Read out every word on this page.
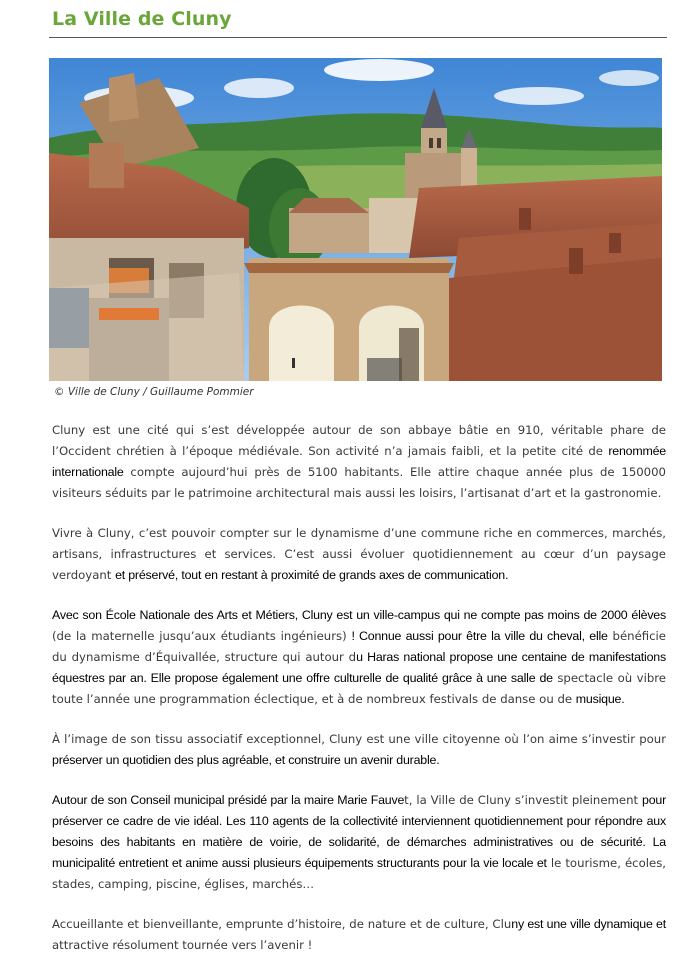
La Ville de Cluny
© Ville de Cluny / Guillaume Pommier

Cluny est une cité qui s’est développée autour de son abbaye bâtie en 910, véritable phare de l’Occident chrétien à l’époque médiévale. Son activité n’a jamais faibli, et la petite cité de renommée internationale compte aujourd’hui près de 5100 habitants. Elle attire chaque année plus de 150000 visiteurs séduits par le patrimoine architectural mais aussi les loisirs, l’artisanat d’art et la gastronomie.

Vivre à Cluny, c’est pouvoir compter sur le dynamisme d’une commune riche en commerces, marchés, artisans, infrastructures et services. C’est aussi évoluer quotidiennement au cœur d’un paysage verdoyant et préservé, tout en restant à proximité de grands axes de communication.

Avec son École Nationale des Arts et Métiers, Cluny est un ville-campus qui ne compte pas moins de 2000 élèves (de la maternelle jusqu’aux étudiants ingénieurs) ! Connue aussi pour être la ville du cheval, elle bénéficie du dynamisme d’Équivallée, structure qui autour du Haras national propose une centaine de manifestations équestres par an. Elle propose également une offre culturelle de qualité grâce à une salle de spectacle où vibre toute l’année une programmation éclectique, et à de nombreux festivals de danse ou de musique.

À l’image de son tissu associatif exceptionnel, Cluny est une ville citoyenne où l’on aime s’investir pour préserver un quotidien des plus agréable, et construire un avenir durable.

Autour de son Conseil municipal présidé par la maire Marie Fauvet, la Ville de Cluny s’investit pleinement pour préserver ce cadre de vie idéal. Les 110 agents de la collectivité interviennent quotidiennement pour répondre aux besoins des habitants en matière de voirie, de solidarité, de démarches administratives ou de sécurité. La municipalité entretient et anime aussi plusieurs équipements structurants pour la vie locale et le tourisme, écoles, stades, camping, piscine, églises, marchés…

Accueillante et bienveillante, emprunte d’histoire, de nature et de culture, Cluny est une ville dynamique et attractive résolument tournée vers l’avenir !
